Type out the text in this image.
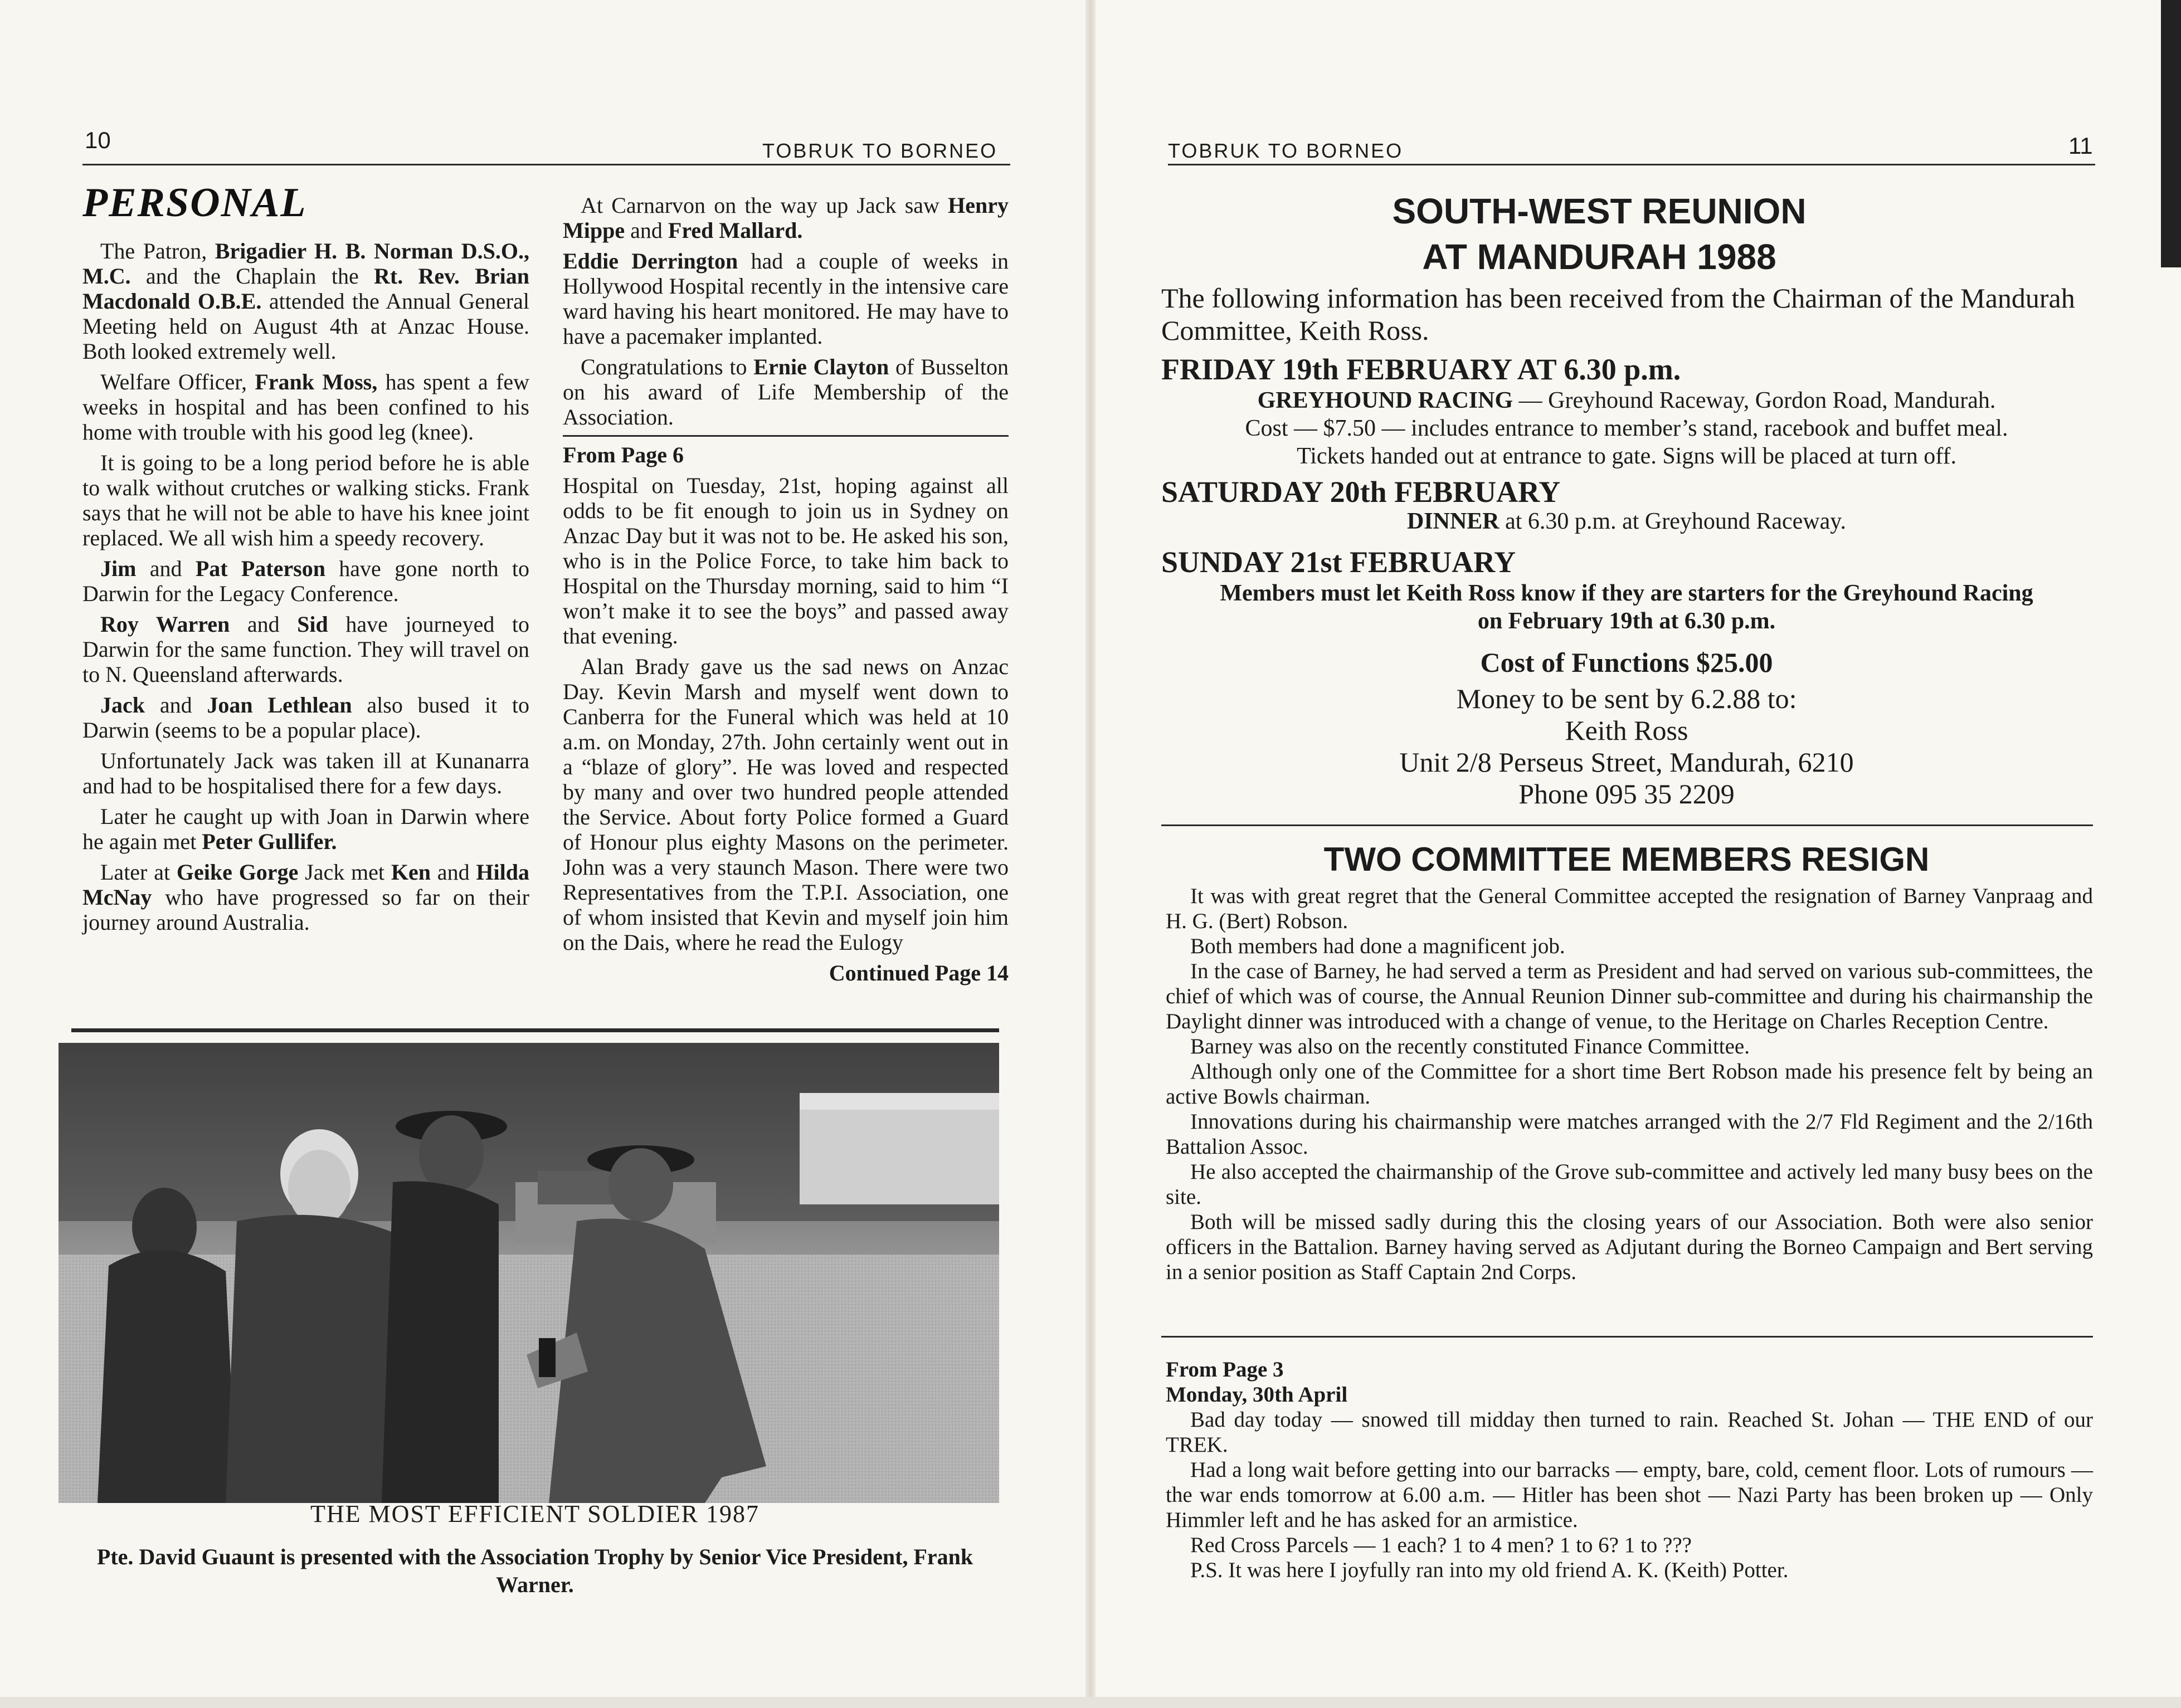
10	TOBRUK TO BORNEO
PERSONAL

The Patron, Brigadier H. B. Norman D.S.O., M.C. and the Chaplain the Rt. Rev. Brian Macdonald O.B.E. attended the Annual General Meeting held on August 4th at Anzac House. Both looked extremely well.

Welfare Officer, Frank Moss, has spent a few weeks in hospital and has been confined to his home with trouble with his good leg (knee).

It is going to be a long period before he is able to walk without crutches or walking sticks. Frank says that he will not be able to have his knee joint replaced. We all wish him a speedy recovery.

Jim and Pat Paterson have gone north to Darwin for the Legacy Conference.

Roy Warren and Sid have journeyed to Darwin for the same function. They will travel on to N. Queensland afterwards.

Jack and Joan Lethlean also bused it to Darwin (seems to be a popular place).

Unfortunately Jack was taken ill at Kunanarra and had to be hospitalised there for a few days.

Later he caught up with Joan in Darwin where he again met Peter Gullifer.

Later at Geike Gorge Jack met Ken and Hilda McNay who have progressed so far on their journey around Australia.

At Carnarvon on the way up Jack saw Henry Mippe and Fred Mallard.

Eddie Derrington had a couple of weeks in Hollywood Hospital recently in the intensive care ward having his heart monitored. He may have to have a pacemaker implanted.

Congratulations to Ernie Clayton of Busselton on his award of Life Membership of the Association.

From Page 6

Hospital on Tuesday, 21st, hoping against all odds to be fit enough to join us in Sydney on Anzac Day but it was not to be. He asked his son, who is in the Police Force, to take him back to Hospital on the Thursday morning, said to him “I won’t make it to see the boys” and passed away that evening.

Alan Brady gave us the sad news on Anzac Day. Kevin Marsh and myself went down to Canberra for the Funeral which was held at 10 a.m. on Monday, 27th. John certainly went out in a “blaze of glory”. He was loved and respected by many and over two hundred people attended the Service. About forty Police formed a Guard of Honour plus eighty Masons on the perimeter. John was a very staunch Mason. There were two Representatives from the T.P.I. Association, one of whom insisted that Kevin and myself join him on the Dais, where he read the Eulogy

Continued Page 14
THE MOST EFFICIENT SOLDIER 1987
Pte. David Guaunt is presented with the Association Trophy by Senior Vice President, Frank Warner.
TOBRUK TO BORNEO	11
SOUTH-WEST REUNION
AT MANDURAH 1988
The following information has been received from the Chairman of the Mandurah Committee, Keith Ross.
FRIDAY 19th FEBRUARY AT 6.30 p.m.
GREYHOUND RACING — Greyhound Raceway, Gordon Road, Mandurah.
Cost — $7.50 — includes entrance to member’s stand, racebook and buffet meal.
Tickets handed out at entrance to gate. Signs will be placed at turn off.
SATURDAY 20th FEBRUARY
DINNER at 6.30 p.m. at Greyhound Raceway.
SUNDAY 21st FEBRUARY
Members must let Keith Ross know if they are starters for the Greyhound Racing
on February 19th at 6.30 p.m.
Cost of Functions $25.00
Money to be sent by 6.2.88 to:
Keith Ross
Unit 2/8 Perseus Street, Mandurah, 6210
Phone 095 35 2209
TWO COMMITTEE MEMBERS RESIGN

It was with great regret that the General Committee accepted the resignation of Barney Vanpraag and H. G. (Bert) Robson.

Both members had done a magnificent job.

In the case of Barney, he had served a term as President and had served on various sub-committees, the chief of which was of course, the Annual Reunion Dinner sub-committee and during his chairmanship the Daylight dinner was introduced with a change of venue, to the Heritage on Charles Reception Centre.

Barney was also on the recently constituted Finance Committee.

Although only one of the Committee for a short time Bert Robson made his presence felt by being an active Bowls chairman.

Innovations during his chairmanship were matches arranged with the 2/7 Fld Regiment and the 2/16th Battalion Assoc.

He also accepted the chairmanship of the Grove sub-committee and actively led many busy bees on the site.

Both will be missed sadly during this the closing years of our Association. Both were also senior officers in the Battalion. Barney having served as Adjutant during the Borneo Campaign and Bert serving in a senior position as Staff Captain 2nd Corps.

From Page 3

Monday, 30th April

Bad day today — snowed till midday then turned to rain. Reached St. Johan — THE END of our TREK.

Had a long wait before getting into our barracks — empty, bare, cold, cement floor. Lots of rumours — the war ends tomorrow at 6.00 a.m. — Hitler has been shot — Nazi Party has been broken up — Only Himmler left and he has asked for an armistice.

Red Cross Parcels — 1 each? 1 to 4 men? 1 to 6? 1 to ???

P.S. It was here I joyfully ran into my old friend A. K. (Keith) Potter.
